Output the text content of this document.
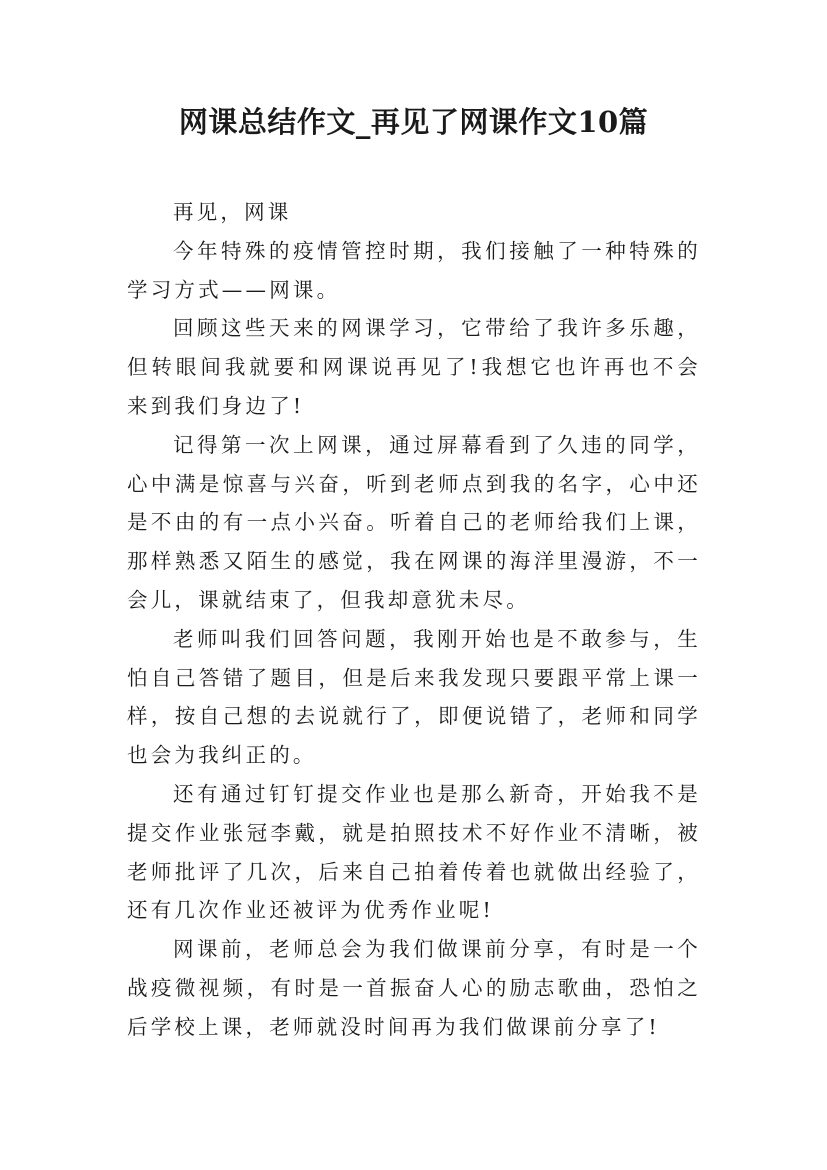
网课总结作文_再见了网课作文10篇

再见，网课

今年特殊的疫情管控时期，我们接触了一种特殊的学习方式——网课。

回顾这些天来的网课学习，它带给了我许多乐趣，但转眼间我就要和网课说再见了!我想它也许再也不会来到我们身边了!

记得第一次上网课，通过屏幕看到了久违的同学，心中满是惊喜与兴奋，听到老师点到我的名字，心中还是不由的有一点小兴奋。听着自己的老师给我们上课，那样熟悉又陌生的感觉，我在网课的海洋里漫游，不一会儿，课就结束了，但我却意犹未尽。

老师叫我们回答问题，我刚开始也是不敢参与，生怕自己答错了题目，但是后来我发现只要跟平常上课一样，按自己想的去说就行了，即便说错了，老师和同学也会为我纠正的。

还有通过钉钉提交作业也是那么新奇，开始我不是提交作业张冠李戴，就是拍照技术不好作业不清晰，被老师批评了几次，后来自己拍着传着也就做出经验了，还有几次作业还被评为优秀作业呢!

网课前，老师总会为我们做课前分享，有时是一个战疫微视频，有时是一首振奋人心的励志歌曲，恐怕之后学校上课，老师就没时间再为我们做课前分享了!
